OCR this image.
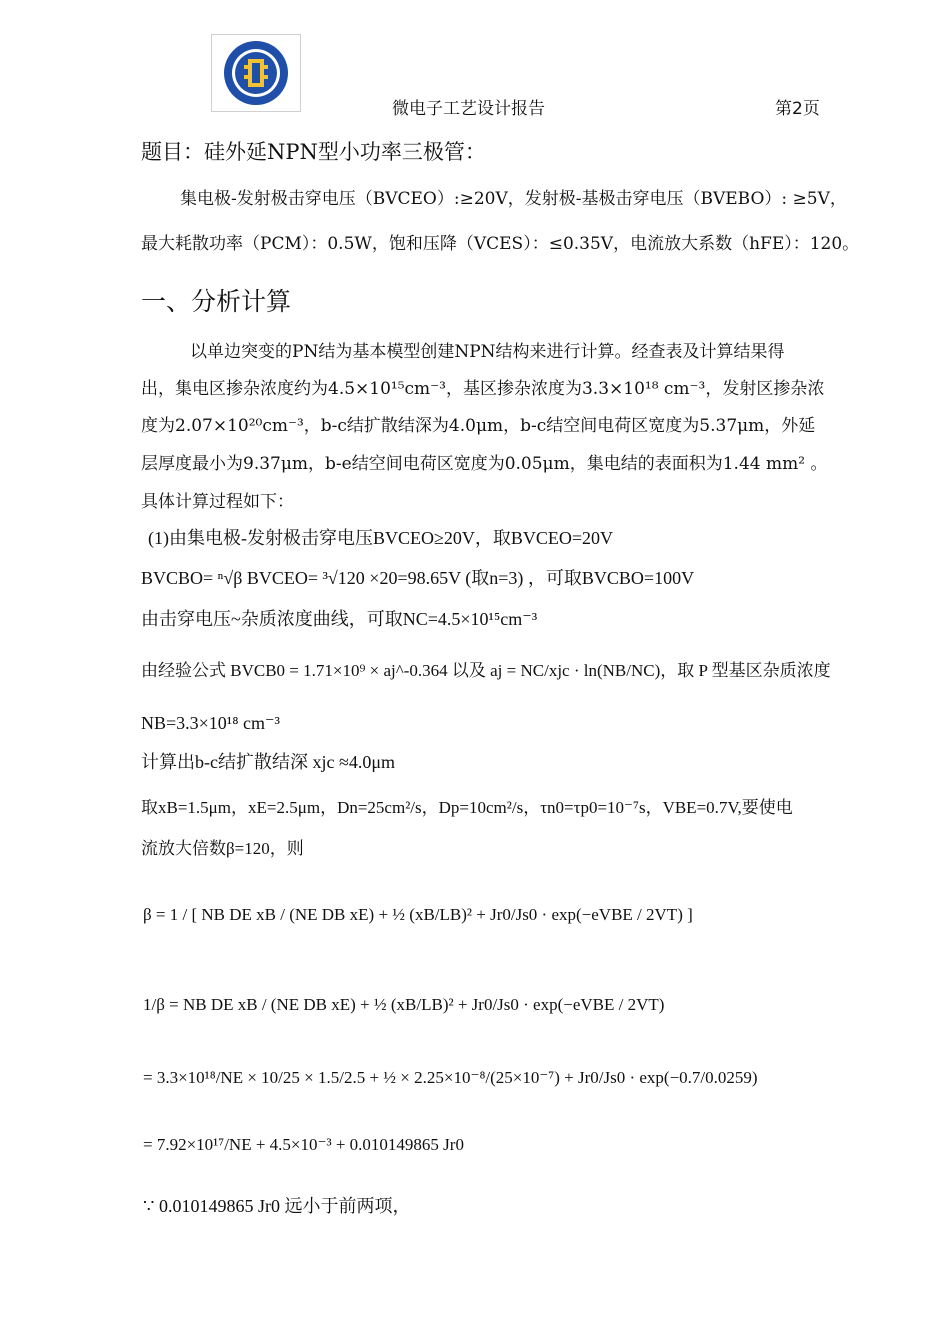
微电子工艺设计报告	第2页
题目：硅外延NPN型小功率三极管：
集电极-发射极击穿电压（BVCEO）:≥20V，发射极-基极击穿电压（BVEBO）: ≥5V，
最大耗散功率（PCM）：0.5W，饱和压降（VCES）：≤0.35V，电流放大系数（hFE）：120。
一、分析计算
以单边突变的PN结为基本模型创建NPN结构来进行计算。经查表及计算结果得
出，集电区掺杂浓度约为4.5×10¹⁵cm⁻³，基区掺杂浓度为3.3×10¹⁸ cm⁻³，发射区掺杂浓
度为2.07×10²⁰cm⁻³，b-c结扩散结深为4.0μm，b-c结空间电荷区宽度为5.37μm，外延
层厚度最小为9.37μm，b-e结空间电荷区宽度为0.05μm，集电结的表面积为1.44 mm² 。
具体计算过程如下：
(1)由集电极-发射极击穿电压BVCEO≥20V，取BVCEO=20V
BVCBO= ⁿ√β BVCEO= ³√120 ×20=98.65V (取n=3) ，可取BVCBO=100V
由击穿电压~杂质浓度曲线，可取NC=4.5×10¹⁵cm⁻³
由经验公式 BVCB0 = 1.71×10⁹ × aj^-0.364 以及 aj = NC/xjc · ln(NB/NC)，取 P 型基区杂质浓度
NB=3.3×10¹⁸ cm⁻³
计算出b-c结扩散结深 xjc ≈4.0μm
取xB=1.5μm，xE=2.5μm，Dn=25cm²/s，Dp=10cm²/s，τn0=τp0=10⁻⁷s，VBE=0.7V,要使电
流放大倍数β=120，则
β = 1 / [ NB DE xB / (NE DB xE) + ½ (xB/LB)² + Jr0/Js0 · exp(−eVBE / 2VT) ]
1/β = NB DE xB / (NE DB xE) + ½ (xB/LB)² + Jr0/Js0 · exp(−eVBE / 2VT)
= 3.3×10¹⁸/NE × 10/25 × 1.5/2.5 + ½ × 2.25×10⁻⁸/(25×10⁻⁷) + Jr0/Js0 · exp(−0.7/0.0259)
= 7.92×10¹⁷/NE + 4.5×10⁻³ + 0.010149865 Jr0
∵ 0.010149865 Jr0 远小于前两项，
